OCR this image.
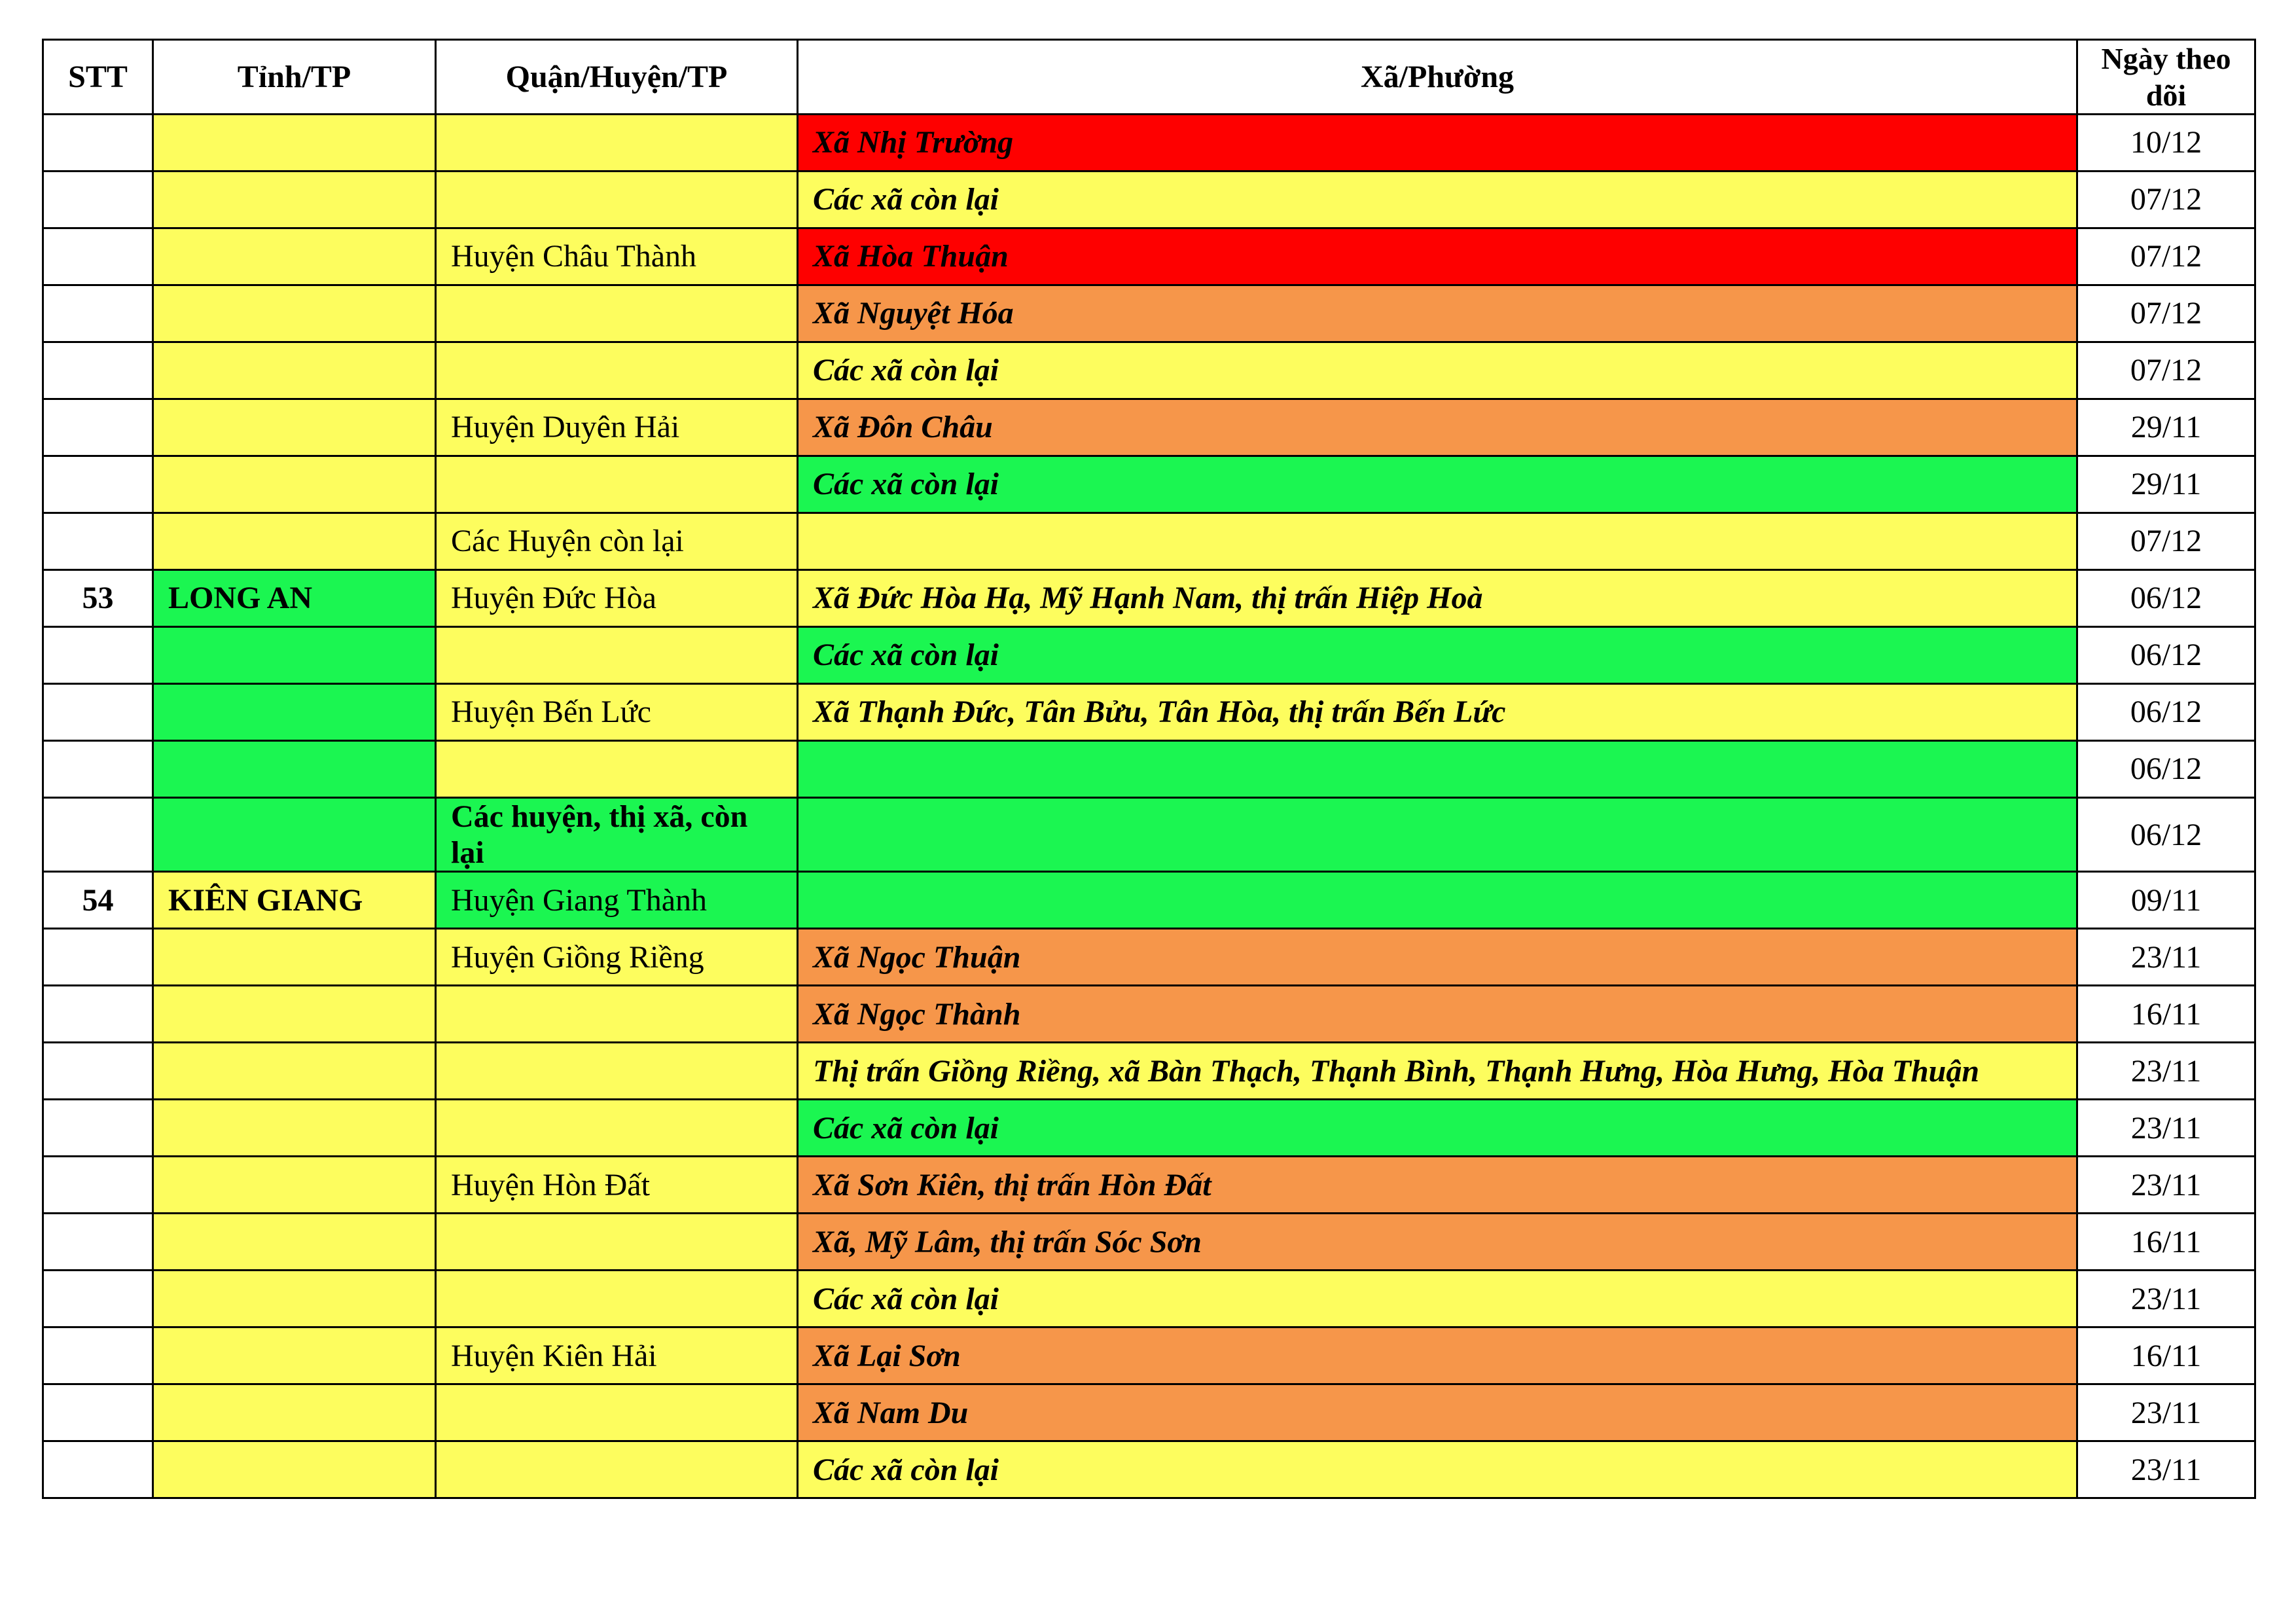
STT	Tỉnh/TP	Quận/Huyện/TP	Xã/Phường	Ngày theo dõi
			Xã Nhị Trường	10/12
			Các xã còn lại	07/12
		Huyện Châu Thành	Xã Hòa Thuận	07/12
			Xã Nguyệt Hóa	07/12
			Các xã còn lại	07/12
		Huyện Duyên Hải	Xã Đôn Châu	29/11
			Các xã còn lại	29/11
		Các Huyện còn lại		07/12
53	LONG AN	Huyện Đức Hòa	Xã Đức Hòa Hạ, Mỹ Hạnh Nam, thị trấn Hiệp Hoà	06/12
			Các xã còn lại	06/12
		Huyện Bến Lức	Xã Thạnh Đức, Tân Bửu, Tân Hòa, thị trấn Bến Lức	06/12
				06/12
		Các huyện, thị xã, còn lại		06/12
54	KIÊN GIANG	Huyện Giang Thành		09/11
		Huyện Giồng Riềng	Xã Ngọc Thuận	23/11
			Xã Ngọc Thành	16/11
			Thị trấn Giồng Riềng, xã Bàn Thạch, Thạnh Bình, Thạnh Hưng, Hòa Hưng, Hòa Thuận	23/11
			Các xã còn lại	23/11
		Huyện Hòn Đất	Xã Sơn Kiên, thị trấn Hòn Đất	23/11
			Xã, Mỹ Lâm, thị trấn Sóc Sơn	16/11
			Các xã còn lại	23/11
		Huyện Kiên Hải	Xã Lại Sơn	16/11
			Xã Nam Du	23/11
			Các xã còn lại	23/11
